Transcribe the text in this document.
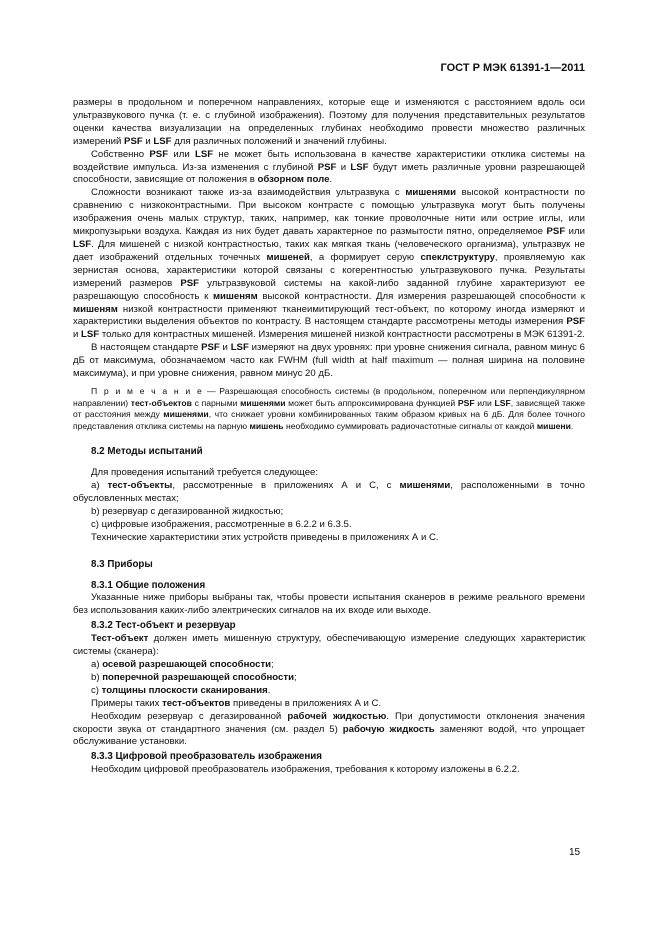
ГОСТ Р МЭК 61391-1—2011

размеры в продольном и поперечном направлениях, которые еще и изменяются с расстоянием вдоль оси ультразвукового пучка (т. е. с глубиной изображения). Поэтому для получения представительных результатов оценки качества визуализации на определенных глубинах необходимо провести множество различных измерений PSF и LSF для различных положений и значений глубины.

Собственно PSF или LSF не может быть использована в качестве характеристики отклика системы на воздействие импульса. Из-за изменения с глубиной PSF и LSF будут иметь различные уровни разрешающей способности, зависящие от положения в обзорном поле.

Сложности возникают также из-за взаимодействия ультразвука с мишенями высокой контрастности по сравнению с низкоконтрастными. При высоком контрасте с помощью ультразвука могут быть получены изображения очень малых структур, таких, например, как тонкие проволочные нити или острие иглы, или микропузырьки воздуха. Каждая из них будет давать характерное по размытости пятно, определяемое PSF или LSF. Для мишеней с низкой контрастностью, таких как мягкая ткань (человеческого организма), ультразвук не дает изображений отдельных точечных мишеней, а формирует серую спеклструктуру, проявляемую как зернистая основа, характеристики которой связаны с когерентностью ультразвукового пучка. Результаты измерений размеров PSF ультразвуковой системы на какой-либо заданной глубине характеризуют ее разрешающую способность к мишеням высокой контрастности. Для измерения разрешающей способности к мишеням низкой контрастности применяют тканеимитирующий тест-объект, по которому иногда измеряют и характеристики выделения объектов по контрасту. В настоящем стандарте рассмотрены методы измерения PSF и LSF только для контрастных мишеней. Измерения мишеней низкой контрастности рассмотрены в МЭК 61391-2.

В настоящем стандарте PSF и LSF измеряют на двух уровнях: при уровне снижения сигнала, равном минус 6 дБ от максимума, обозначаемом часто как FWHM (full width at half maximum — полная ширина на половине максимума), и при уровне снижения, равном минус 20 дБ.

П р и м е ч а н и е — Разрешающая способность системы (в продольном, поперечном или перпендикулярном направлении) тест-объектов с парными мишенями может быть аппроксимирована функцией PSF или LSF, зависящей также от расстояния между мишенями, что снижает уровни комбинированных таким образом кривых на 6 дБ. Для более точного представления отклика системы на парную мишень необходимо суммировать радиочастотные сигналы от каждой мишени.

8.2 Методы испытаний

Для проведения испытаний требуется следующее:

а) тест-объекты, рассмотренные в приложениях А и С, с мишенями, расположенными в точно обусловленных местах;

b) резервуар с дегазированной жидкостью;

с) цифровые изображения, рассмотренные в 6.2.2 и 6.3.5.

Технические характеристики этих устройств приведены в приложениях А и С.

8.3 Приборы
8.3.1 Общие положения

Указанные ниже приборы выбраны так, чтобы провести испытания сканеров в режиме реального времени без использования каких-либо электрических сигналов на их входе или выходе.

8.3.2 Тест-объект и резервуар

Тест-объект должен иметь мишенную структуру, обеспечивающую измерение следующих характеристик системы (сканера):

а) осевой разрешающей способности;

b) поперечной разрешающей способности;

с) толщины плоскости сканирования.

Примеры таких тест-объектов приведены в приложениях А и С.

Необходим резервуар с дегазированной рабочей жидкостью. При допустимости отклонения значения скорости звука от стандартного значения (см. раздел 5) рабочую жидкость заменяют водой, что упрощает обслуживание установки.

8.3.3 Цифровой преобразователь изображения

Необходим цифровой преобразователь изображения, требования к которому изложены в 6.2.2.

15
